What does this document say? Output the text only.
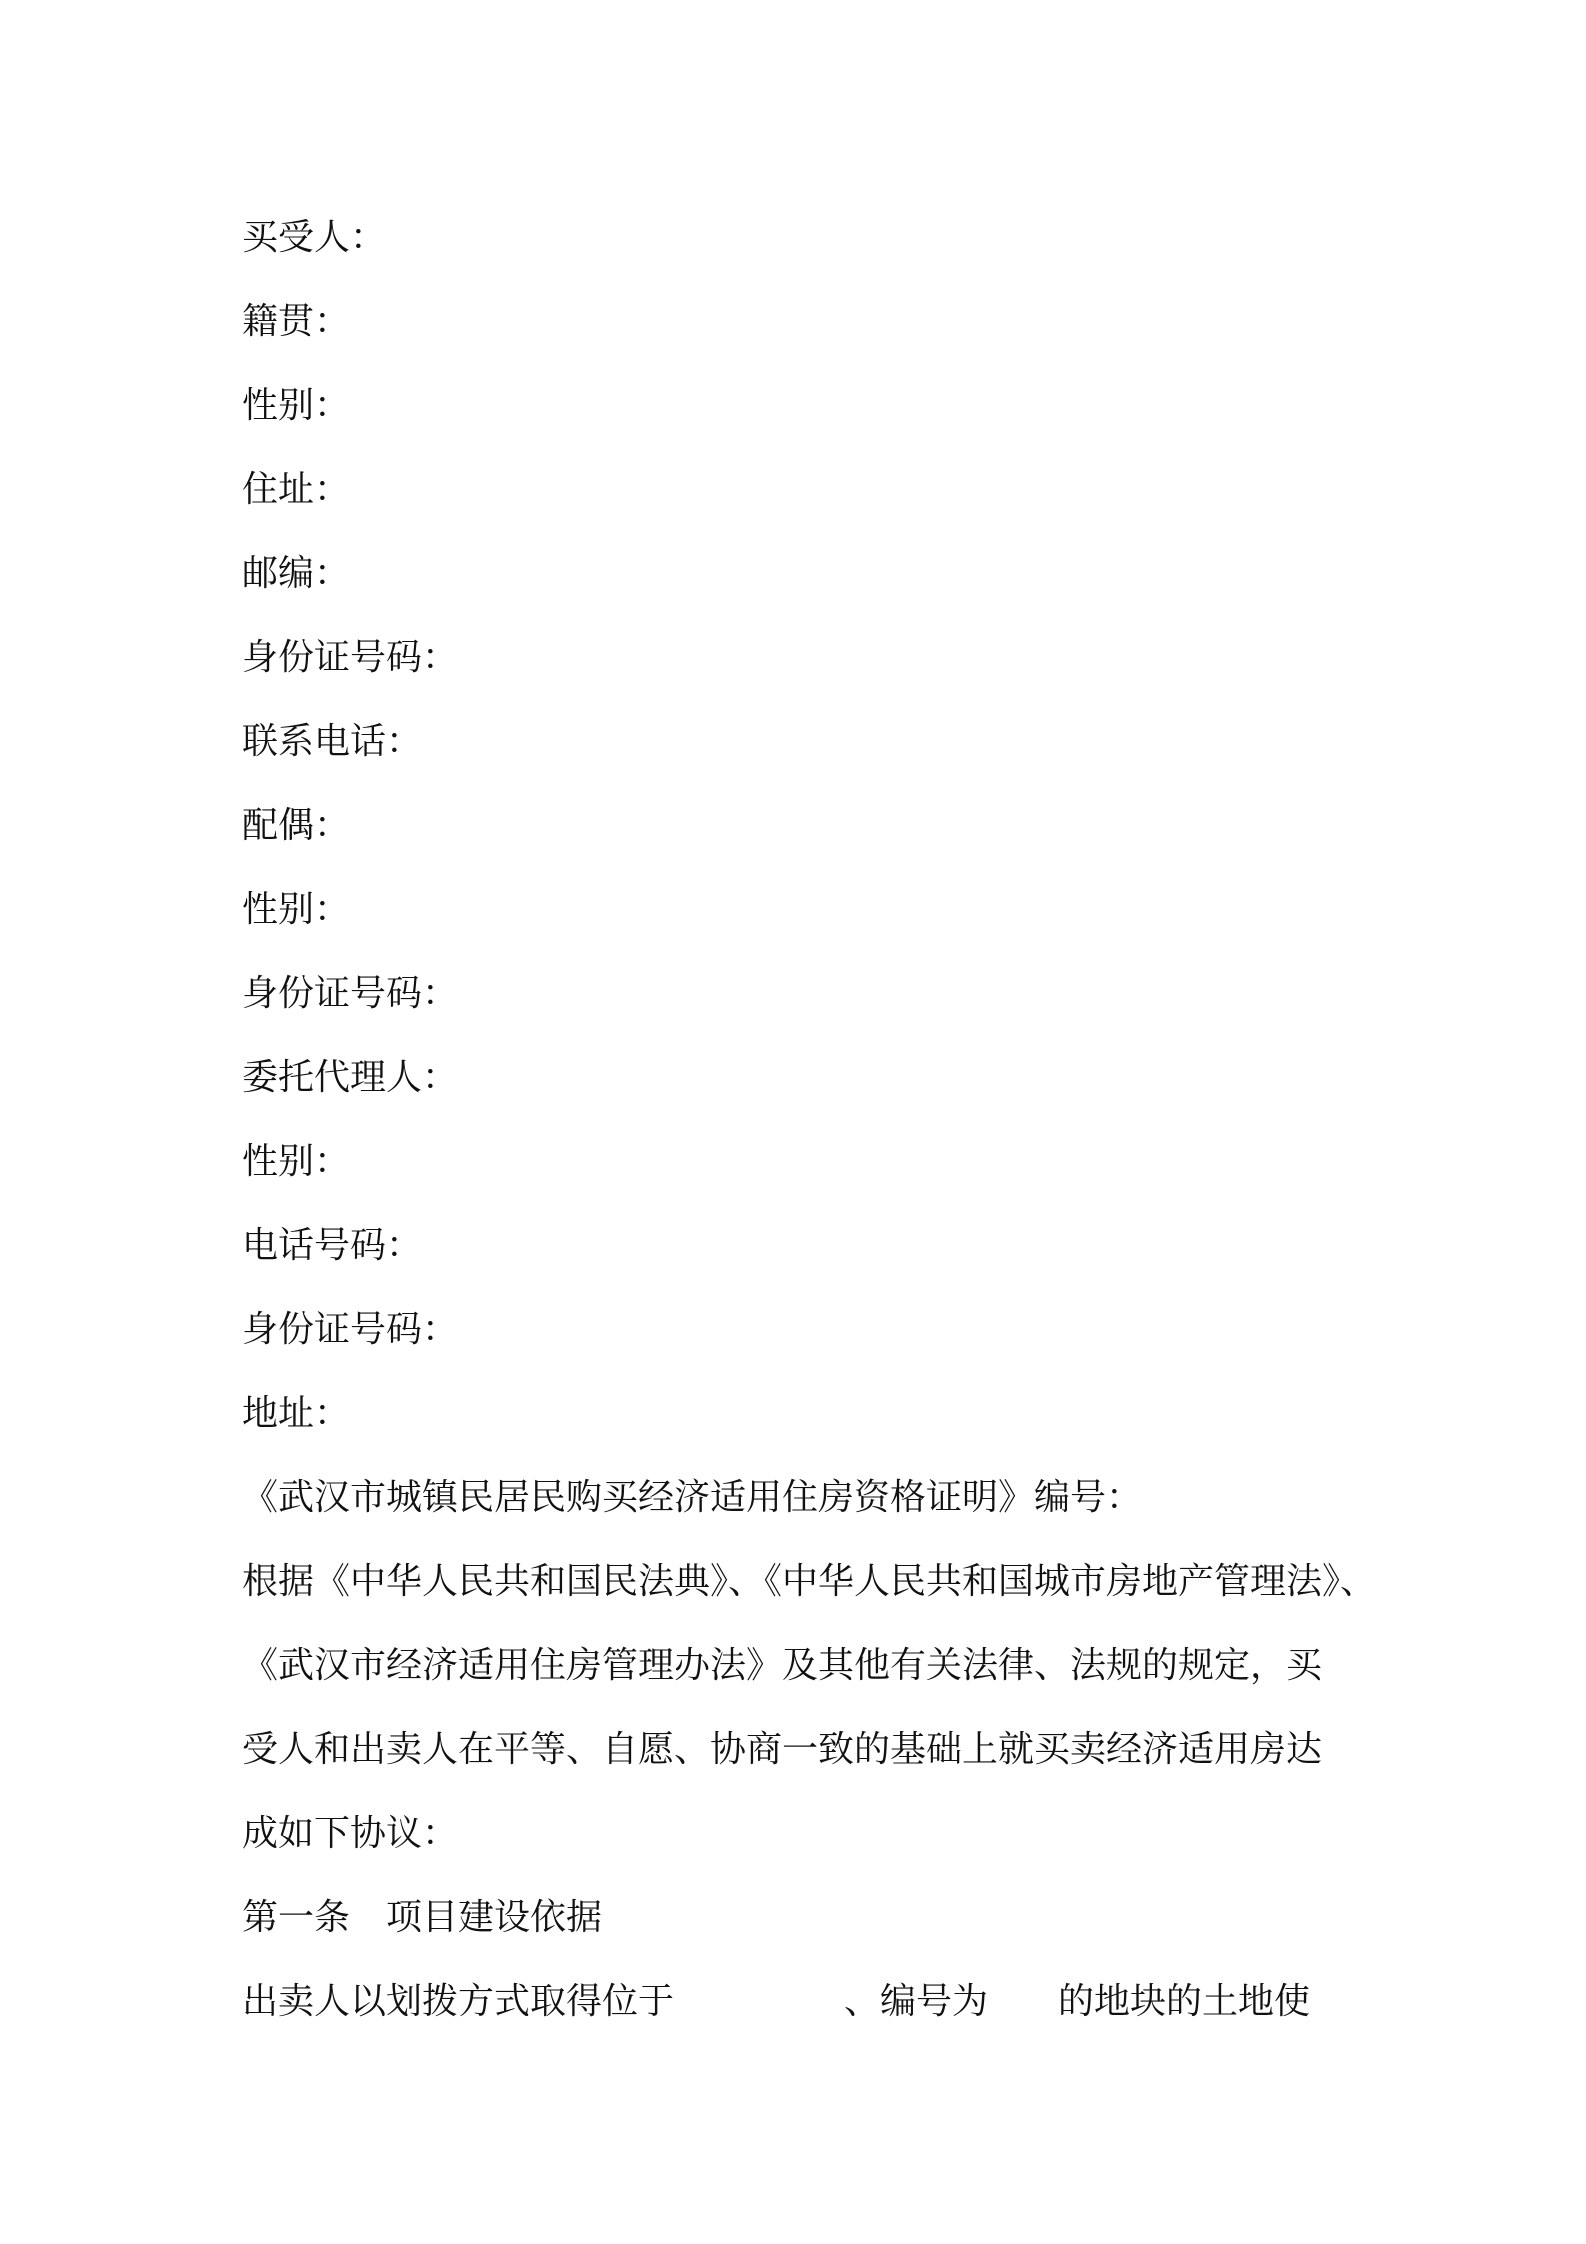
买受人：
籍贯：
性别：
住址：
邮编：
身份证号码：
联系电话：
配偶：
性别：
身份证号码：
委托代理人：
性别：
电话号码：
身份证号码：
地址：
《武汉市城镇民居民购买经济适用住房资格证明》编号：
根据《中华人民共和国民法典》、《中华人民共和国城市房地产管理法》、
《武汉市经济适用住房管理办法》及其他有关法律、法规的规定，买
受人和出卖人在平等、自愿、协商一致的基础上就买卖经济适用房达
成如下协议：
第一条 项目建设依据
出卖人以划拨方式取得位于	、编号为 的地块的土地使
